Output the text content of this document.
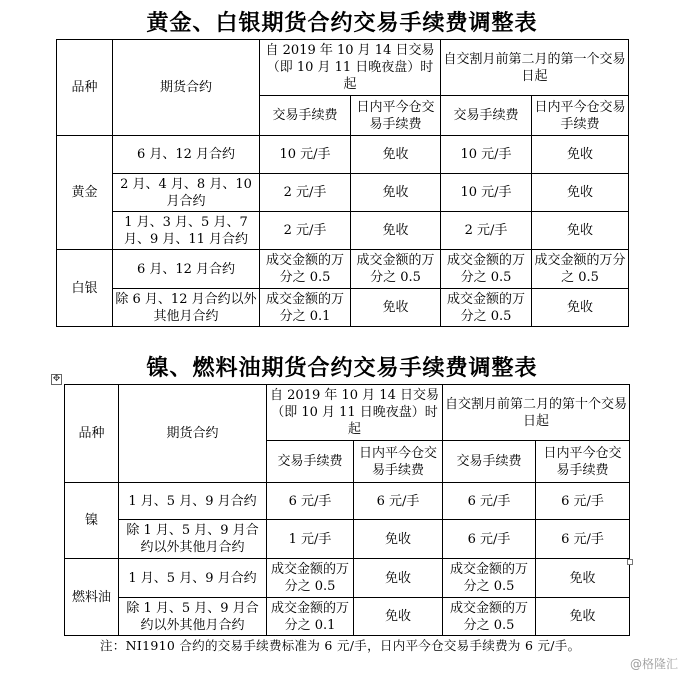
黄金、白银期货合约交易手续费调整表
品种	期货合约	自 2019 年 10 月 14 日交易（即 10 月 11 日晚夜盘）时起		自交割月前第二月的第一个交易日起	
		交易手续费	日内平今仓交易手续费	交易手续费	日内平今仓交易手续费
黄金	6 月、12 月合约	10 元/手	免收	10 元/手	免收
	2 月、4 月、8 月、10 月合约	2 元/手	免收	10 元/手	免收
	1 月、3 月、5 月、7 月、9 月、11 月合约	2 元/手	免收	2 元/手	免收
白银	6 月、12 月合约	成交金额的万分之 0.5	成交金额的万分之 0.5	成交金额的万分之 0.5	成交金额的万分之 0.5
	除 6 月、12 月合约以外其他月合约	成交金额的万分之 0.1	免收	成交金额的万分之 0.5	免收
镍、燃料油期货合约交易手续费调整表
✥
品种	期货合约	自 2019 年 10 月 14 日交易（即 10 月 11 日晚夜盘）时起		自交割月前第二月的第十个交易日起	
		交易手续费	日内平今仓交易手续费	交易手续费	日内平今仓交易手续费
镍	1 月、5 月、9 月合约	6 元/手	6 元/手	6 元/手	6 元/手
	除 1 月、5 月、9 月合约以外其他月合约	1 元/手	免收	6 元/手	6 元/手
燃料油	1 月、5 月、9 月合约	成交金额的万分之 0.5	免收	成交金额的万分之 0.5	免收
	除 1 月、5 月、9 月合约以外其他月合约	成交金额的万分之 0.1	免收	成交金额的万分之 0.5	免收
注：NI1910 合约的交易手续费标准为 6 元/手，日内平今仓交易手续费为 6 元/手。
@格隆汇
